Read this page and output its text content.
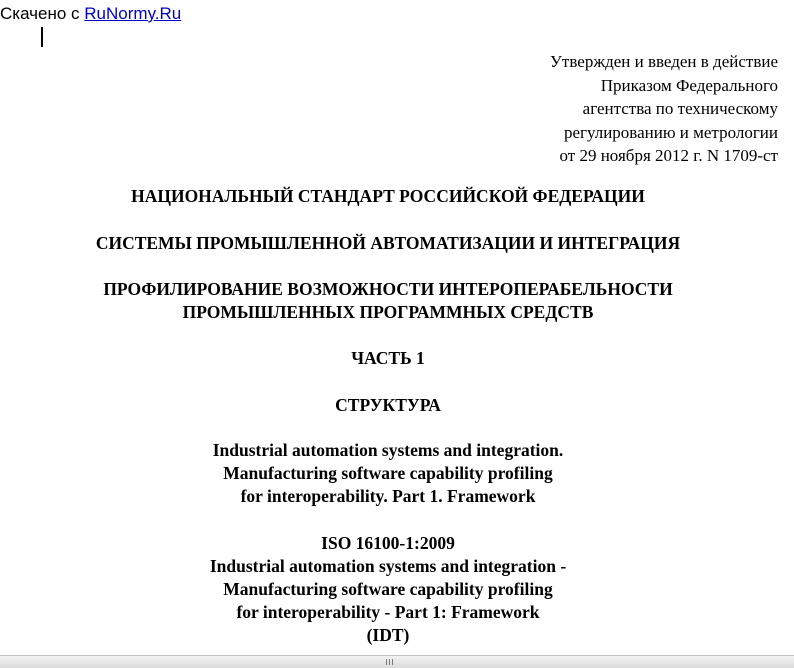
Скачено с RuNormy.Ru
Утвержден и введен в действие
Приказом Федерального
агентства по техническому
регулированию и метрологии
от 29 ноября 2012 г. N 1709-ст
НАЦИОНАЛЬНЫЙ СТАНДАРТ РОССИЙСКОЙ ФЕДЕРАЦИИ
СИСТЕМЫ ПРОМЫШЛЕННОЙ АВТОМАТИЗАЦИИ И ИНТЕГРАЦИЯ
ПРОФИЛИРОВАНИЕ ВОЗМОЖНОСТИ ИНТЕРОПЕРАБЕЛЬНОСТИ
ПРОМЫШЛЕННЫХ ПРОГРАММНЫХ СРЕДСТВ
ЧАСТЬ 1
СТРУКТУРА
Industrial automation systems and integration.
Manufacturing software capability profiling
for interoperability. Part 1. Framework
ISO 16100-1:2009
Industrial automation systems and integration -
Manufacturing software capability profiling
for interoperability - Part 1: Framework
(IDT)
